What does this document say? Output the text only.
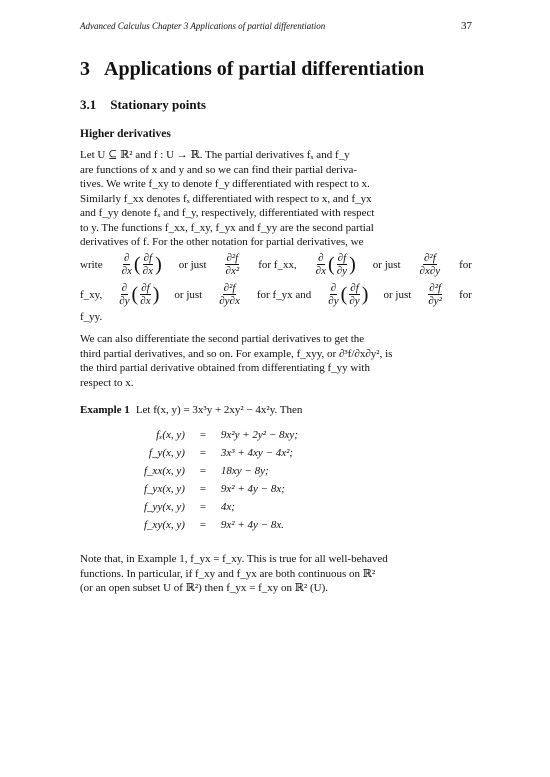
Advanced Calculus Chapter 3 Applications of partial differentiation	37
3 Applications of partial differentiation
3.1 Stationary points
Higher derivatives

Let U ⊆ ℝ² and f : U → ℝ. The partial derivatives fₓ and f_y

are functions of x and y and so we can find their partial deriva-

tives. We write f_xy to denote f_y differentiated with respect to x.

Similarly f_xx denotes fₓ differentiated with respect to x, and f_yx

and f_yy denote fₓ and f_y, respectively, differentiated with respect

to y. The functions f_xx, f_xy, f_yx and f_yy are the second partial

derivatives of f. For the other notation for partial derivatives, we

write $\frac{\partial}{\partial x}$ ( $\frac{\partial f}{\partial x}$ ) or just $\frac{\text{∂²f}}{\text{∂x²}}$ for f_xx, $\frac{\partial}{\partial x}$ ( $\frac{\partial f}{\partial y}$ ) or just $\frac{\text{∂²f}}{\partial x\partial y}$ for
f_xy, $\frac{\partial}{\partial y}$ ( $\frac{\partial f}{\partial x}$ ) or just $\frac{\text{∂²f}}{\partial y\partial x}$ for f_yx and $\frac{\partial}{\partial y}$ ( $\frac{\partial f}{\partial y}$ ) or just $\frac{\text{∂²f}}{\text{∂y²}}$ for

f_yy.

We can also differentiate the second partial derivatives to get the

third partial derivatives, and so on. For example, f_xyy, or ∂³f/∂x∂y², is

the third partial derivative obtained from differentiating f_yy with

respect to x.

Example 1 Let f(x, y) = 3x³y + 2xy² − 4x²y. Then
fₓ(x, y)	=	9x²y + 2y² − 8xy;
f_y(x, y)	=	3x³ + 4xy − 4x²;
f_xx(x, y)	=	18xy − 8y;
f_yx(x, y)	=	9x² + 4y − 8x;
f_yy(x, y)	=	4x;
f_xy(x, y)	=	9x² + 4y − 8x.

Note that, in Example 1, f_yx = f_xy. This is true for all well-behaved

functions. In particular, if f_xy and f_yx are both continuous on ℝ²

(or an open subset U of ℝ²) then f_yx = f_xy on ℝ² (U).
